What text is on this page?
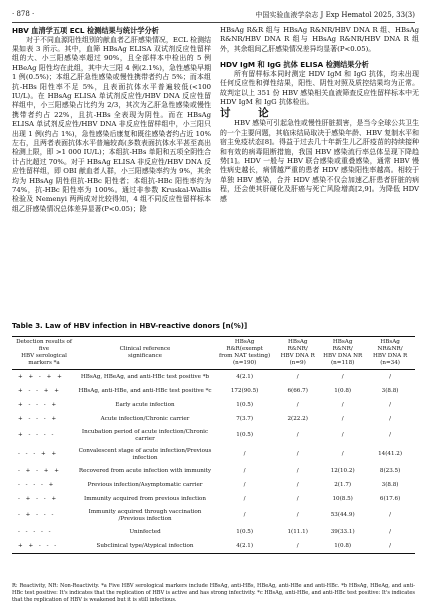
· 878 ·	中国实验血液学杂志 J Exp Hematol 2025, 33(3)

HBV 血清学五项 ECL 检测结果与统计学分析

对于不同血源阳性组别的献血者乙肝感染情况，ECL 检测结果如表 3 所示。其中，血筛 HBsAg ELISA 双试剂反应性留样组的大、小三阳感染率超过 90%，且全部样本中检出的 5 例 HBeAg 阳性均在此组，其中大三阳 4 例(2.1%)，急性感染早期 1 例(0.5%)；本组乙肝急性感染或慢性携带者约占 5%；而本组抗-HBs 阳性率不足 5%，且表面抗体水平普遍较低(<100 IU/L)。在 HBsAg ELISA 单试剂反应性/HBV DNA 反应性留样组中，小三阳感染占比约为 2/3，其次为乙肝急性感染或慢性携带者约占 22%，且抗-HBs 全表现为阴性。而在 HBsAg ELISA 单试剂反应性/HBV DNA 非反应性留样组中，小三阳只出现 1 例(约占 1%)，急性感染后康复和既往感染者约占近 10% 左右，且两者表面抗体水平普遍较高(多数表面抗体水平甚至高出检测上限，即 >1 000 IU/L)；本组抗-HBs 单阳和五项全阴性合计占比超过 70%。对于 HBsAg ELISA 非反应性/HBV DNA 反应性留样组，即 OBI 献血者人群，小三阳感染率约为 9%，其余均为 HBsAg 阴性但抗-HBc 阳性者；本组抗-HBc 阳性率约为 74%，抗-HBc 阳性率为 100%。通过非参数 Kruskal-Wallis 检验及 Nemenyi 两两成对比较得知，4 组不同反应性留样标本组乙肝感染情况总体差异显著(P<0.05)；除

HBsAg R&R 组与 HBsAg R&NR/HBV DNA R 组、HBsAg R&NR/HBV DNA R 组与 HBsAg R&NR/HBV DNA R 组外，其余组间乙肝感染情况差异均显著(P<0.05)。

HDV IgM 和 IgG 抗体 ELISA 检测结果分析

所有留样标本同时测定 HDV IgM 和 IgG 抗体，均未出现任何反应性和弹性结果，阳性、阴性对照及质控结果均为正常。故判定以上 351 份 HBV 感染相关血液筛查反应性留样标本中无 HDV IgM 和 IgG 抗体检出。

讨 论

HBV 感染可引起急性或慢性肝脏损害，是当今全球公共卫生的一个主要问题，其临床结局取决于感染年龄、HBV 复制水平和宿主免疫状态[8]。得益于过去几十年新生儿乙肝疫苗的持续接种和有效的病毒阻断措施，我国 HBV 感染流行率总体呈现下降趋势[1]。HDV 一般与 HBV 联合感染或重叠感染，通常 HBV 慢性病史越长，病情越严重的患者 HDV 感染阳性率越高。相较于单独 HBV 感染，合并 HDV 感染不仅会加速乙肝患者肝脏的病程，还会使其肝硬化及肝癌与死亡风险增高[2,9]。为降低 HDV 感

Table 3. Law of HBV infection in HBV-reactive donors [n(%)]
Detection results of five
HBV serological
markers *a	Clinical reference
significance	HBsAg R&R(exempt
from NAT testing)
(n=190)	HBsAg R&NR/
HBV DNA R
(n=9)	HBsAg R&NR/
HBV DNA NR
(n=118)	HBsAg NR&NR/
HBV DNA R
(n=34)
+ + - + +	HBsAg, HBeAg, and anti-HBc test positive *b	4(2.1)	/	/	/
+ - - + +	HBsAg, anti-HBe, and anti-HBc test positive *c	172(90.5)	6(66.7)	1(0.8)	3(8.8)
+ - - - +	Early acute infection	1(0.5)	/	/	/
+ - - - +	Acute infection/Chronic carrier	7(3.7)	2(22.2)	/	/
+ - - - -	Incubation period of acute infection/Chronic carrier	1(0.5)	/	/	/
- - - + +	Convalescent stage of acute infection/Previous infection	/	/	/	14(41.2)
- + - + +	Recovered from acute infection with immunity	/	/	12(10.2)	8(23.5)
- - - - +	Previous infection/Asymptomatic carrier	/	/	2(1.7)	3(8.8)
- + - - +	Immunity acquired from previous infection	/	/	10(8.5)	6(17.6)
- + - - -	Immunity acquired through vaccination /Previous infection	/	/	53(44.9)	/
- - - - -	Uninfected	1(0.5)	1(11.1)	39(33.1)	/
+ + - - -	Subclinical type/Atypical infection	4(2.1)	/	1(0.8)	/
R: Reactivity, NR: Non-Reactivity. *a Five HBV serological markers include HBsAg, anti-HBs, HBeAg, anti-HBe and anti-HBc. *b HBsAg, HBeAg, and anti-HBc test positive: It's indicates that the replication of HBV is active and has strong infectivity. *c HBsAg, anti-HBe, and anti-HBc test positive: It's indicates that the replication of HBV is weakened but it is still infectious.
